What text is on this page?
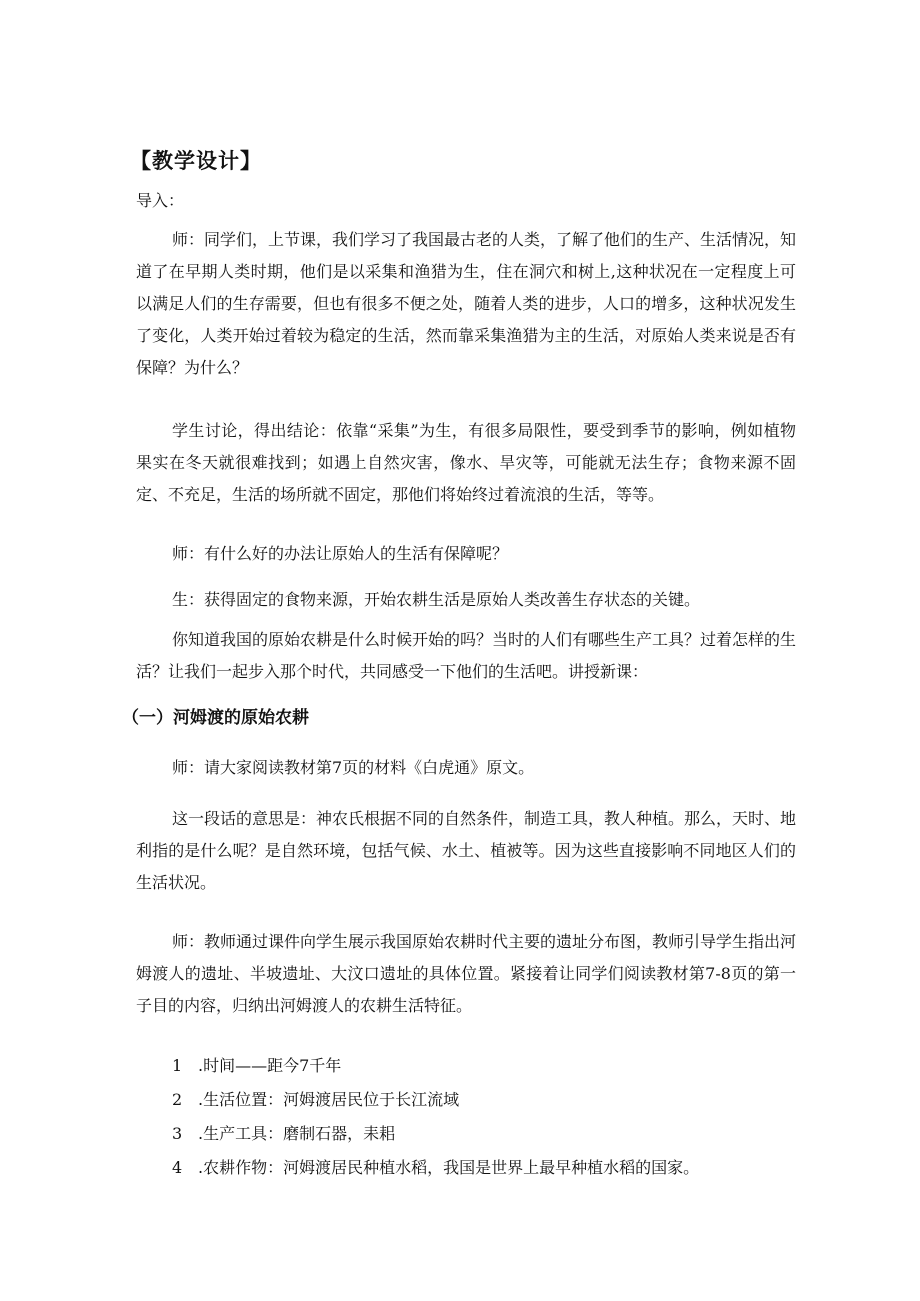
【教学设计】
导入：

师：同学们，上节课，我们学习了我国最古老的人类，了解了他们的生产、生活情况，知道了在早期人类时期，他们是以采集和渔猎为生，住在洞穴和树上,这种状况在一定程度上可以满足人们的生存需要，但也有很多不便之处，随着人类的进步，人口的增多，这种状况发生了变化，人类开始过着较为稳定的生活，然而靠采集渔猎为主的生活，对原始人类来说是否有保障？为什么？

学生讨论，得出结论：依靠“采集”为生，有很多局限性，要受到季节的影响，例如植物果实在冬天就很难找到；如遇上自然灾害，像水、旱灾等，可能就无法生存；食物来源不固定、不充足，生活的场所就不固定，那他们将始终过着流浪的生活，等等。

师：有什么好的办法让原始人的生活有保障呢？

生：获得固定的食物来源，开始农耕生活是原始人类改善生存状态的关键。

你知道我国的原始农耕是什么时候开始的吗？当时的人们有哪些生产工具？过着怎样的生活？让我们一起步入那个时代，共同感受一下他们的生活吧。讲授新课：

（一）河姆渡的原始农耕

师：请大家阅读教材第7页的材料《白虎通》原文。

这一段话的意思是：神农氏根据不同的自然条件，制造工具，教人种植。那么，天时、地利指的是什么呢？是自然环境，包括气候、水土、植被等。因为这些直接影响不同地区人们的生活状况。

师：教师通过课件向学生展示我国原始农耕时代主要的遗址分布图，教师引导学生指出河姆渡人的遗址、半坡遗址、大汶口遗址的具体位置。紧接着让同学们阅读教材第7-8页的第一子目的内容，归纳出河姆渡人的农耕生活特征。

1 .时间——距今7千年
2 .生活位置：河姆渡居民位于长江流域
3 .生产工具：磨制石器，耒耜
4 .农耕作物：河姆渡居民种植水稻，我国是世界上最早种植水稻的国家。
